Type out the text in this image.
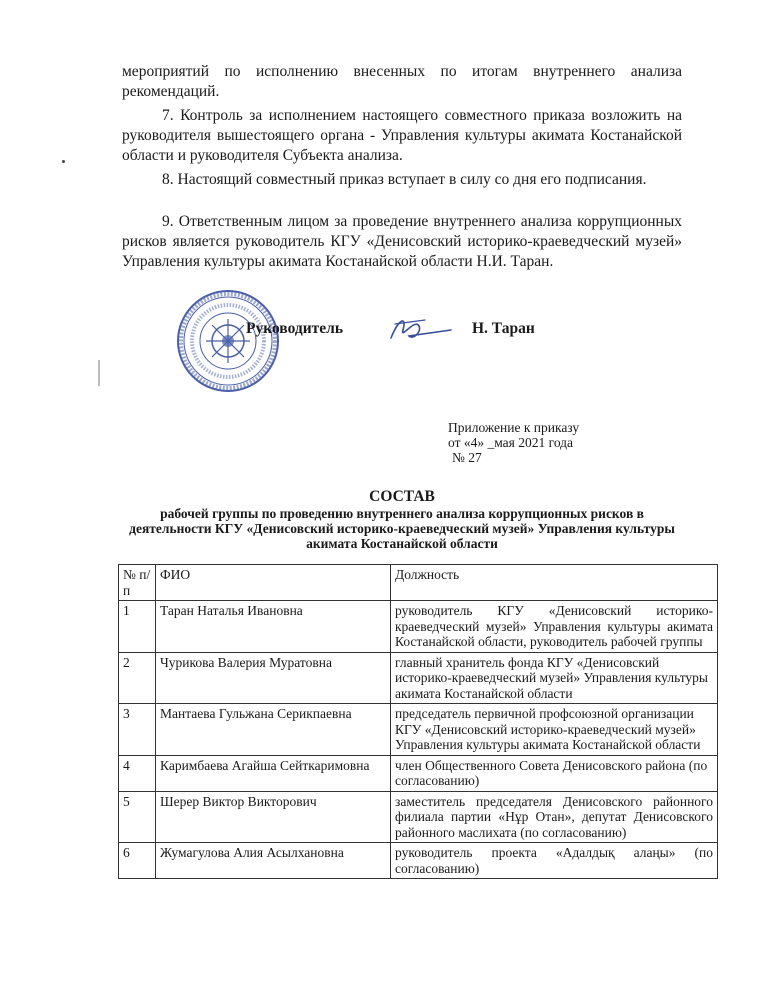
мероприятий по исполнению внесенных по итогам внутреннего анализа рекомендаций.

7. Контроль за исполнением настоящего совместного приказа возложить на руководителя вышестоящего органа - Управления культуры акимата Костанайской области и руководителя Субъекта анализа.

8. Настоящий совместный приказ вступает в силу со дня его подписания.

9. Ответственным лицом за проведение внутреннего анализа коррупционных рисков является руководитель КГУ «Денисовский историко-краеведческий музей» Управления культуры акимата Костанайской области Н.И. Таран.

Руководитель	Н. Таран
Приложение к приказу
от «4» _мая 2021 года
№ 27
СОСТАВ
рабочей группы по проведению внутреннего анализа коррупционных рисков в деятельности КГУ «Денисовский историко-краеведческий музей» Управления культуры акимата Костанайской области
№ п/п	ФИО	Должность
1	Таран Наталья Ивановна	руководитель КГУ «Денисовский историко-краеведческий музей» Управления культуры акимата Костанайской области, руководитель рабочей группы
2	Чурикова Валерия Муратовна	главный хранитель фонда КГУ «Денисовский историко-краеведческий музей» Управления культуры акимата Костанайской области
3	Мантаева Гульжана Серикпаевна	председатель первичной профсоюзной организации КГУ «Денисовский историко-краеведческий музей» Управления культуры акимата Костанайской области
4	Каримбаева Агайша Сейткаримовна	член Общественного Совета Денисовского района (по согласованию)
5	Шерер Виктор Викторович	заместитель председателя Денисовского районного филиала партии «Нұр Отан», депутат Денисовского районного маслихата (по согласованию)
6	Жумагулова Алия Асылхановна	руководитель проекта «Адалдық алаңы» (по согласованию)
